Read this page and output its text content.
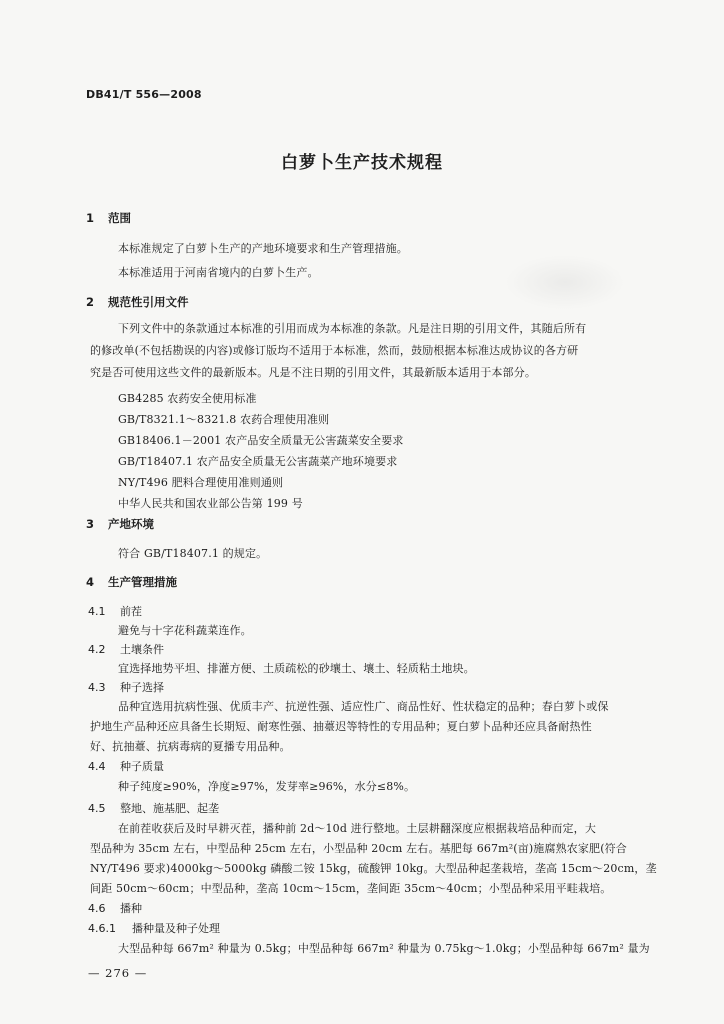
DB41/T 556—2008
白萝卜生产技术规程
1 范围
本标准规定了白萝卜生产的产地环境要求和生产管理措施。
本标准适用于河南省境内的白萝卜生产。
2 规范性引用文件
下列文件中的条款通过本标准的引用而成为本标准的条款。凡是注日期的引用文件，其随后所有
的修改单(不包括勘误的内容)或修订版均不适用于本标准，然而，鼓励根据本标准达成协议的各方研
究是否可使用这些文件的最新版本。凡是不注日期的引用文件，其最新版本适用于本部分。
GB4285 农药安全使用标准
GB/T8321.1～8321.8 农药合理使用准则
GB18406.1－2001 农产品安全质量无公害蔬菜安全要求
GB/T18407.1 农产品安全质量无公害蔬菜产地环境要求
NY/T496 肥料合理使用准则通则
中华人民共和国农业部公告第 199 号
3 产地环境
符合 GB/T18407.1 的规定。
4 生产管理措施
4.1 前茬
避免与十字花科蔬菜连作。
4.2 土壤条件
宜选择地势平坦、排灌方便、土质疏松的砂壤土、壤土、轻质粘土地块。
4.3 种子选择
品种宜选用抗病性强、优质丰产、抗逆性强、适应性广、商品性好、性状稳定的品种；春白萝卜或保
护地生产品种还应具备生长期短、耐寒性强、抽薹迟等特性的专用品种；夏白萝卜品种还应具备耐热性
好、抗抽薹、抗病毒病的夏播专用品种。
4.4 种子质量
种子纯度≥90%，净度≥97%，发芽率≥96%，水分≤8%。
4.5 整地、施基肥、起垄
在前茬收获后及时早耕灭茬，播种前 2d～10d 进行整地。土层耕翻深度应根据栽培品种而定，大
型品种为 35cm 左右，中型品种 25cm 左右，小型品种 20cm 左右。基肥每 667m²(亩)施腐熟农家肥(符合
NY/T496 要求)4000kg～5000kg 磷酸二铵 15kg，硫酸钾 10kg。大型品种起垄栽培，垄高 15cm～20cm，垄
间距 50cm～60cm；中型品种，垄高 10cm～15cm，垄间距 35cm～40cm；小型品种采用平畦栽培。
4.6 播种
4.6.1 播种量及种子处理
大型品种每 667m² 种量为 0.5kg；中型品种每 667m² 种量为 0.75kg～1.0kg；小型品种每 667m² 量为
— 276 —
